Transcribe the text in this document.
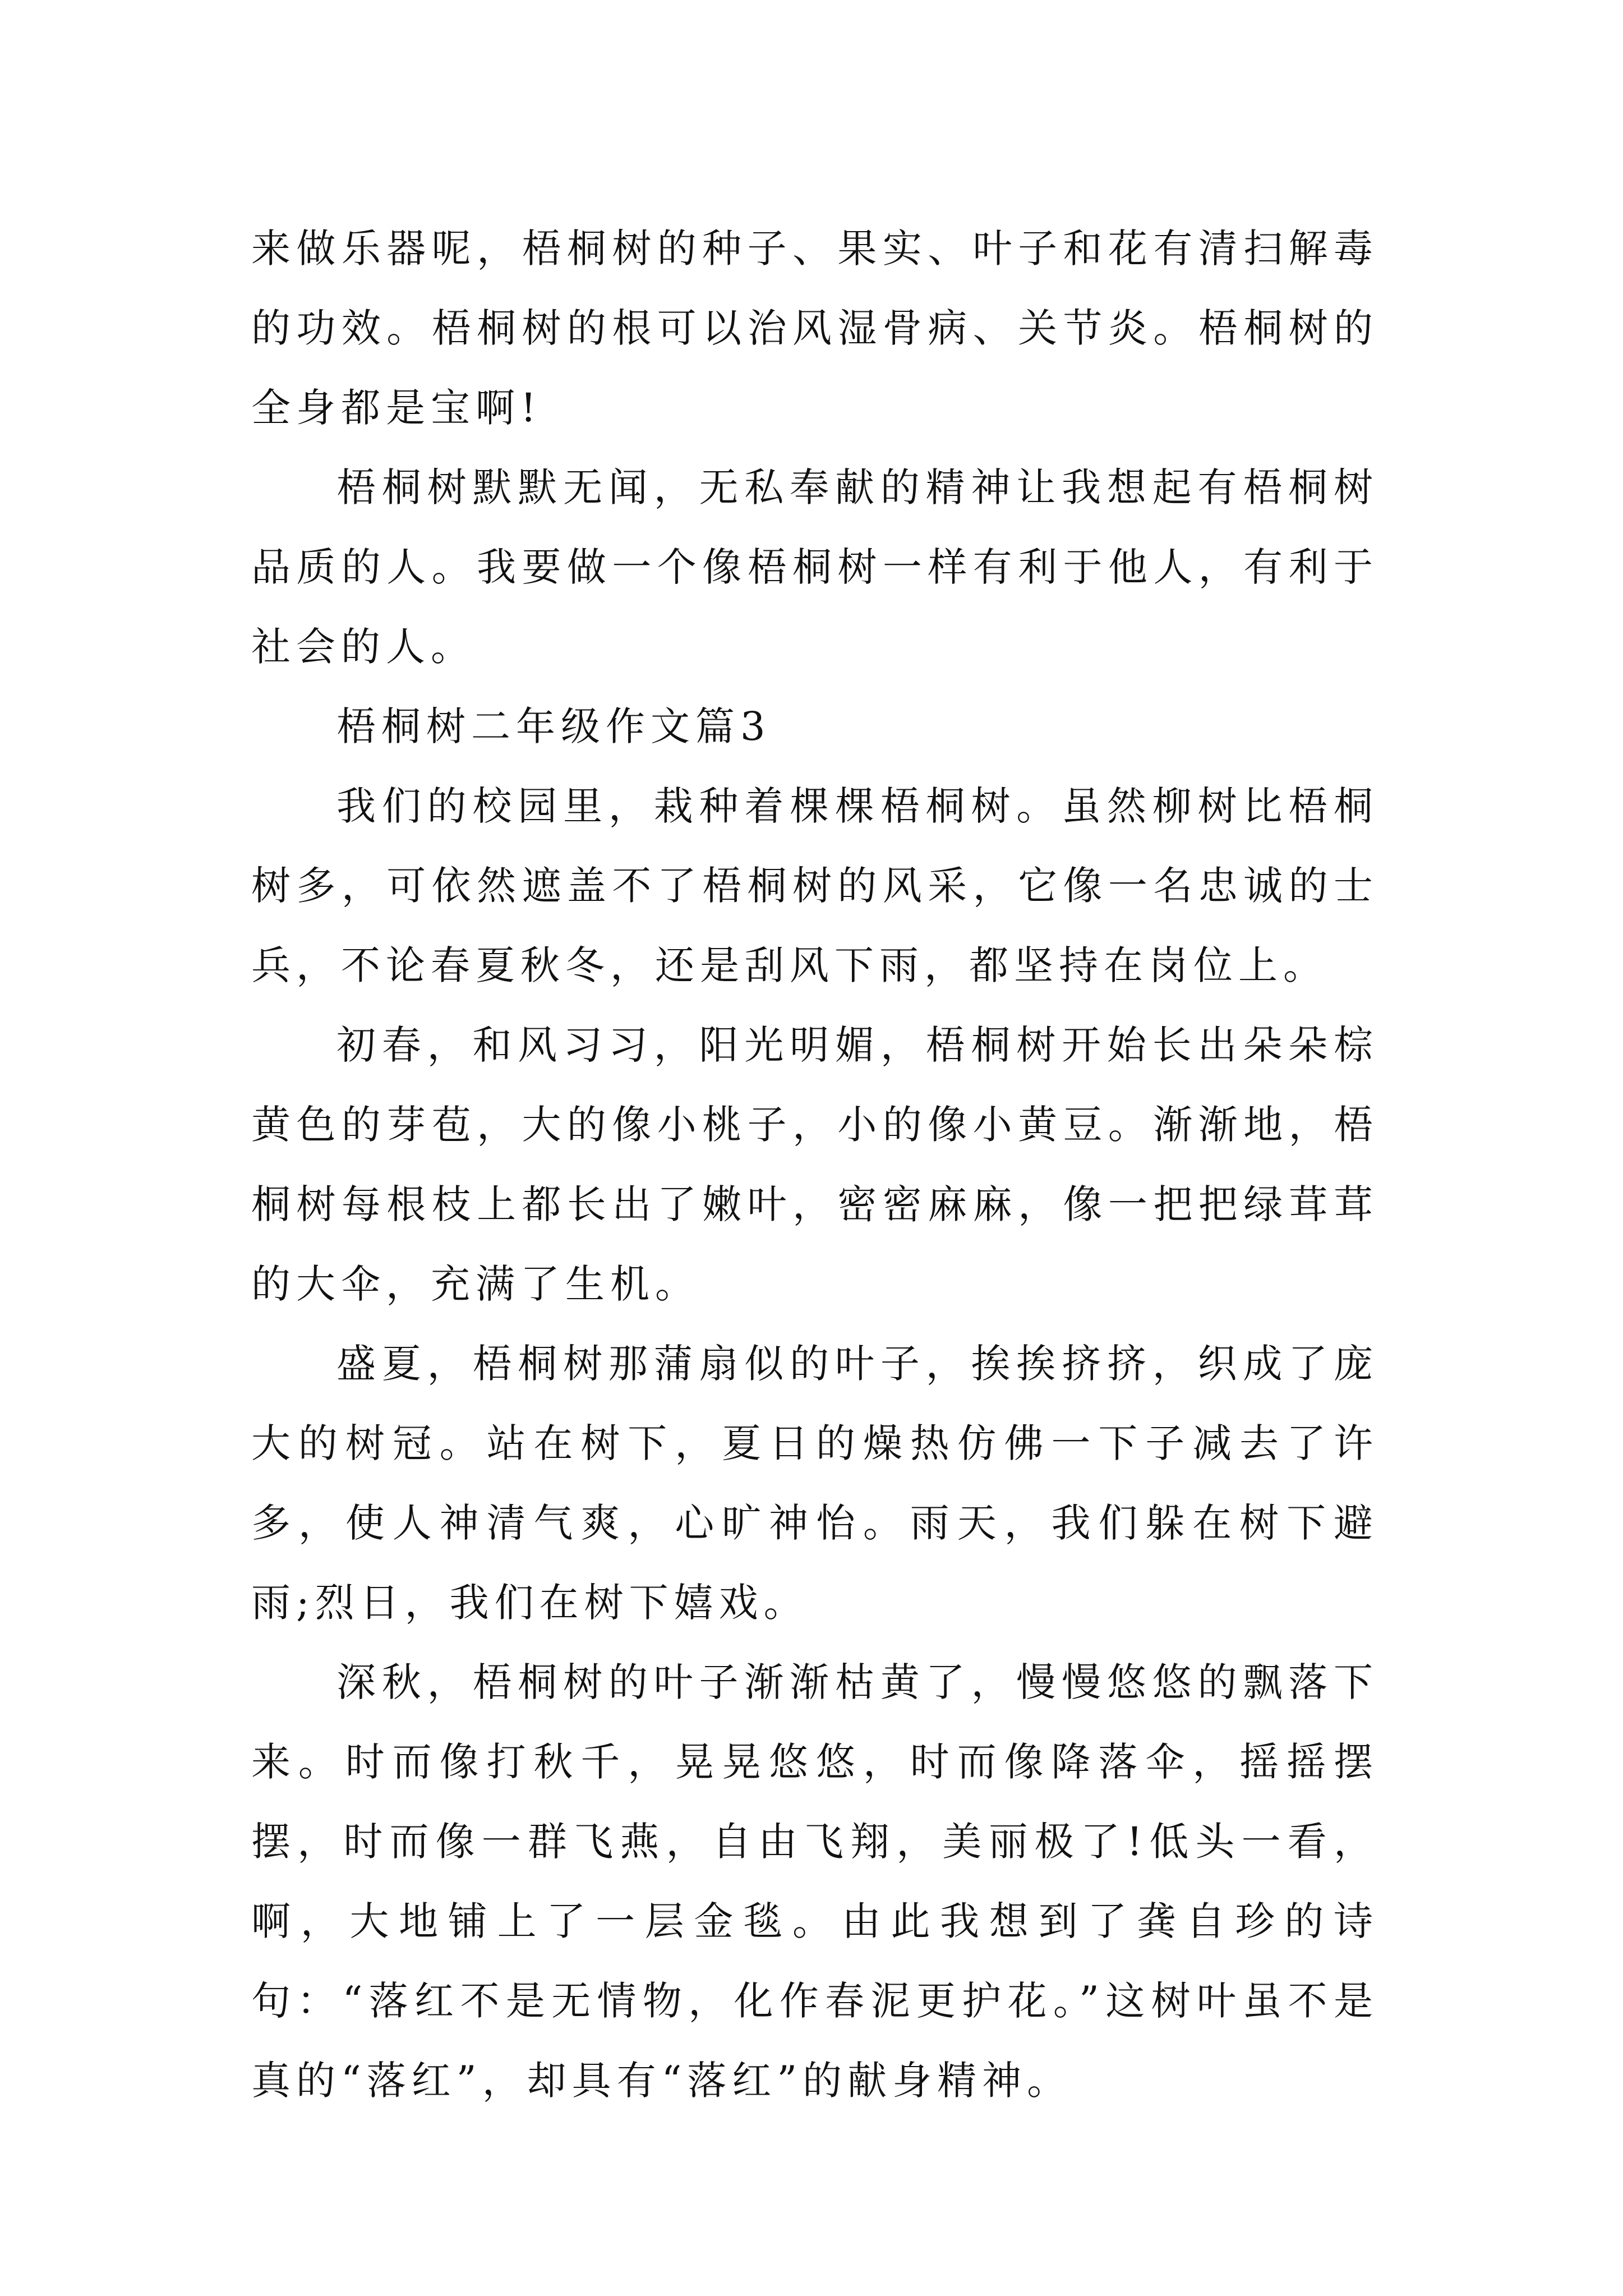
来做乐器呢，梧桐树的种子、果实、叶子和花有清扫解毒的功效。梧桐树的根可以治风湿骨病、关节炎。梧桐树的全身都是宝啊!

梧桐树默默无闻，无私奉献的精神让我想起有梧桐树品质的人。我要做一个像梧桐树一样有利于他人，有利于社会的人。

梧桐树二年级作文篇3

我们的校园里，栽种着棵棵梧桐树。虽然柳树比梧桐树多，可依然遮盖不了梧桐树的风采，它像一名忠诚的士兵，不论春夏秋冬，还是刮风下雨，都坚持在岗位上。

初春，和风习习，阳光明媚，梧桐树开始长出朵朵棕黄色的芽苞，大的像小桃子，小的像小黄豆。渐渐地，梧桐树每根枝上都长出了嫩叶，密密麻麻，像一把把绿茸茸的大伞，充满了生机。

盛夏，梧桐树那蒲扇似的叶子，挨挨挤挤，织成了庞大的树冠。站在树下，夏日的燥热仿佛一下子减去了许多，使人神清气爽，心旷神怡。雨天，我们躲在树下避雨;烈日，我们在树下嬉戏。

深秋，梧桐树的叶子渐渐枯黄了，慢慢悠悠的飘落下来。时而像打秋千，晃晃悠悠，时而像降落伞，摇摇摆摆，时而像一群飞燕，自由飞翔，美丽极了!低头一看，啊，大地铺上了一层金毯。由此我想到了龚自珍的诗句：“落红不是无情物，化作春泥更护花。”这树叶虽不是真的“落红”，却具有“落红”的献身精神。
